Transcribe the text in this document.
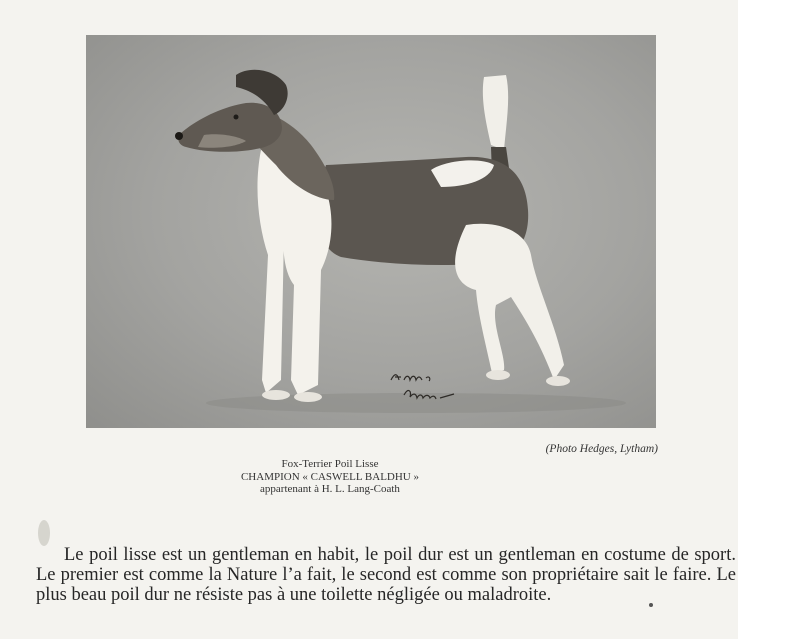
(Photo Hedges, Lytham)
Fox-Terrier Poil Lisse
CHAMPION « CASWELL BALDHU »
appartenant à H. L. Lang-Coath

Le poil lisse est un gentleman en habit, le poil dur est un gentleman en costume de sport. Le premier est comme la Nature l’a fait, le second est comme son propriétaire sait le faire. Le plus beau poil dur ne résiste pas à une toilette négligée ou maladroite.
